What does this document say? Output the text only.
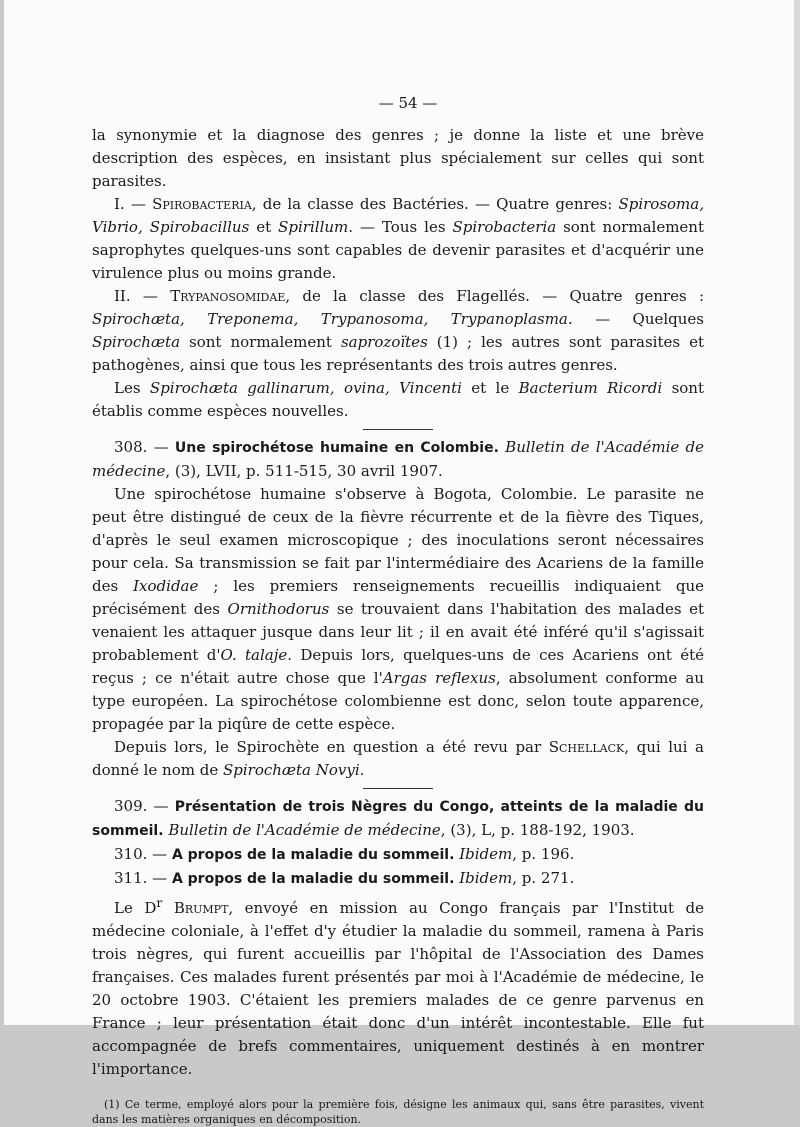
— 54 —

la synonymie et la diagnose des genres ; je donne la liste et une brève description des espèces, en insistant plus spécialement sur celles qui sont parasites.

I. — Spirobacteria, de la classe des Bactéries. — Quatre genres: Spirosoma, Vibrio, Spirobacillus et Spirillum. — Tous les Spirobacteria sont normalement saprophytes quelques-uns sont capables de devenir parasites et d'acquérir une virulence plus ou moins grande.

II. — Trypanosomidae, de la classe des Flagellés. — Quatre genres : Spirochæta, Treponema, Trypanosoma, Trypanoplasma. — Quelques Spirochæta sont normalement saprozoïtes (1) ; les autres sont parasites et pathogènes, ainsi que tous les représentants des trois autres genres.

Les Spirochæta gallinarum, ovina, Vincenti et le Bacterium Ricordi sont établis comme espèces nouvelles.

308. — Une spirochétose humaine en Colombie. Bulletin de l'Académie de médecine, (3), LVII, p. 511-515, 30 avril 1907.

Une spirochétose humaine s'observe à Bogota, Colombie. Le parasite ne peut être distingué de ceux de la fièvre récurrente et de la fièvre des Tiques, d'après le seul examen microscopique ; des inoculations seront nécessaires pour cela. Sa transmission se fait par l'intermédiaire des Acariens de la famille des Ixodidae ; les premiers renseignements recueillis indiquaient que précisément des Ornithodorus se trouvaient dans l'habitation des malades et venaient les attaquer jusque dans leur lit ; il en avait été inféré qu'il s'agissait probablement d'O. talaje. Depuis lors, quelques-uns de ces Acariens ont été reçus ; ce n'était autre chose que l'Argas reflexus, absolument conforme au type européen. La spirochétose colombienne est donc, selon toute apparence, propagée par la piqûre de cette espèce.

Depuis lors, le Spirochète en question a été revu par Schellack, qui lui a donné le nom de Spirochæta Novyi.

309. — Présentation de trois Nègres du Congo, atteints de la maladie du sommeil. Bulletin de l'Académie de médecine, (3), L, p. 188-192, 1903.

310. — A propos de la maladie du sommeil. Ibidem, p. 196.

311. — A propos de la maladie du sommeil. Ibidem, p. 271.

Le $D^r$ Brumpt, envoyé en mission au Congo français par l'Institut de médecine coloniale, à l'effet d'y étudier la maladie du sommeil, ramena à Paris trois nègres, qui furent accueillis par l'hôpital de l'Association des Dames françaises. Ces malades furent présentés par moi à l'Académie de médecine, le 20 octobre 1903. C'étaient les premiers malades de ce genre parvenus en France ; leur présentation était donc d'un intérêt incontestable. Elle fut accompagnée de brefs commentaires, uniquement destinés à en montrer l'importance.

(1) Ce terme, employé alors pour la première fois, désigne les animaux qui, sans être parasites, vivent dans les matières organiques en décomposition.
